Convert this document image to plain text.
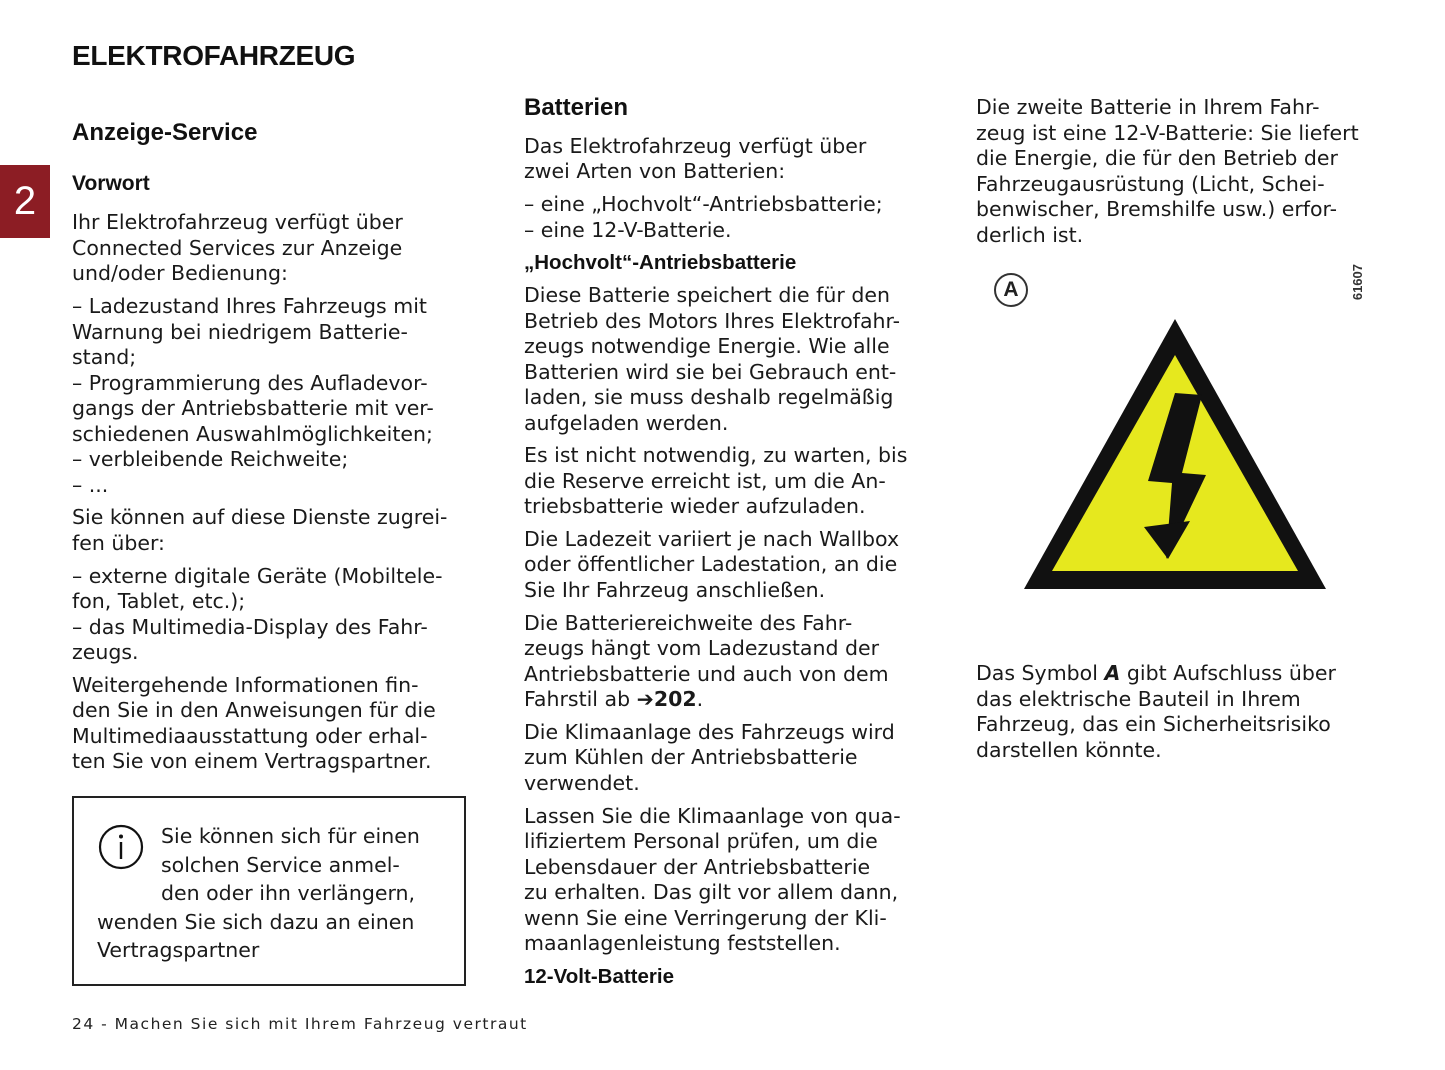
ELEKTROFAHRZEUG
2
Anzeige-Service
Vorwort

Ihr Elektrofahrzeug verfügt über

Connected Services zur Anzeige

und/oder Bedienung:

– Ladezustand Ihres Fahrzeugs mit

Warnung bei niedrigem Batterie-

stand;

– Programmierung des Aufladevor-

gangs der Antriebsbatterie mit ver-

schiedenen Auswahlmöglichkeiten;

– verbleibende Reichweite;

– ...

Sie können auf diese Dienste zugrei-

fen über:

– externe digitale Geräte (Mobiltele-

fon, Tablet, etc.);

– das Multimedia-Display des Fahr-

zeugs.

Weitergehende Informationen fin-

den Sie in den Anweisungen für die

Multimediaausstattung oder erhal-

ten Sie von einem Vertragspartner.

Sie können sich für einen

solchen Service anmel-

den oder ihn verlängern,

wenden Sie sich dazu an einen

Vertragspartner

Batterien

Das Elektrofahrzeug verfügt über

zwei Arten von Batterien:

– eine „Hochvolt“-Antriebsbatterie;

– eine 12-V-Batterie.

„Hochvolt“-Antriebsbatterie

Diese Batterie speichert die für den

Betrieb des Motors Ihres Elektrofahr-

zeugs notwendige Energie. Wie alle

Batterien wird sie bei Gebrauch ent-

laden, sie muss deshalb regelmäßig

aufgeladen werden.

Es ist nicht notwendig, zu warten, bis

die Reserve erreicht ist, um die An-

triebsbatterie wieder aufzuladen.

Die Ladezeit variiert je nach Wallbox

oder öffentlicher Ladestation, an die

Sie Ihr Fahrzeug anschließen.

Die Batteriereichweite des Fahr-

zeugs hängt vom Ladezustand der

Antriebsbatterie und auch von dem

Fahrstil ab ➔202.

Die Klimaanlage des Fahrzeugs wird

zum Kühlen der Antriebsbatterie

verwendet.

Lassen Sie die Klimaanlage von qua-

lifiziertem Personal prüfen, um die

Lebensdauer der Antriebsbatterie

zu erhalten. Das gilt vor allem dann,

wenn Sie eine Verringerung der Kli-

maanlagenleistung feststellen.

12-Volt-Batterie

Die zweite Batterie in Ihrem Fahr-

zeug ist eine 12-V-Batterie: Sie liefert

die Energie, die für den Betrieb der

Fahrzeugausrüstung (Licht, Schei-

benwischer, Bremshilfe usw.) erfor-

derlich ist.

Das Symbol A gibt Aufschluss über

das elektrische Bauteil in Ihrem

Fahrzeug, das ein Sicherheitsrisiko

darstellen könnte.

A	61607
24 - Machen Sie sich mit Ihrem Fahrzeug vertraut
